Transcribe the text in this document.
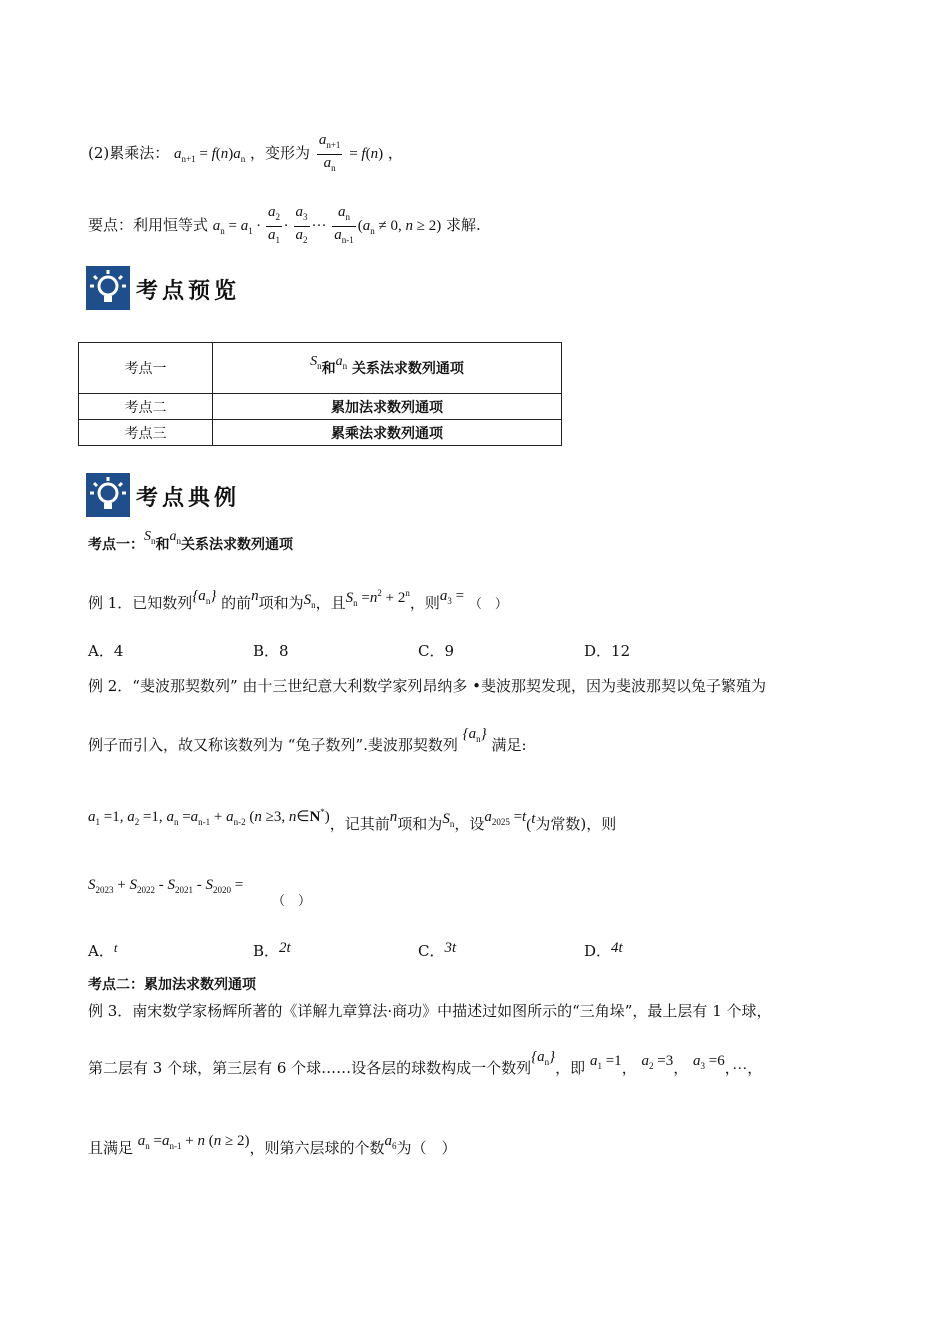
(2)累乘法： $a_{n+1} = f(n)a_n$ ，变形为 $\frac{a_{n+1}}{a_n} = f(n)$ ，
要点：利用恒等式 $a_n = a_1 \cdot \frac{a_2}{a_1} \cdot \frac{a_3}{a_2}$ ··· $\frac{a_n}{a_{n-1}} (a_n \ne 0$, n ≥ 2) 求解.
考点预览
考点一	$S_n$和$a_n$ 关系法求数列通项
考点二	累加法求数列通项
考点三	累乘法求数列通项
考点典例
考点一：$S_n$和$a_n$关系法求数列通项
例 1．已知数列$\{a_n\}$ 的前n项和为$S_n$，且$S_n =n^2 + 2^n$，则$a_3$ = （　）
A．4	B．8	C．9	D．12
例 2．“斐波那契数列” 由十三世纪意大利数学家列昂纳多 •斐波那契发现，因为斐波那契以兔子繁殖为
例子而引入，故又称该数列为 “兔子数列”.斐波那契数列 $\{a_n\}$ 满足:
$a_1 =1$, $a_2 =1$, $a_n =a_{n-1} + a_{n-2}$ (n ≥3, n∈N*)，记其前n项和为$S_n$，设$a_{2025} =t(t$为常数)，则
$S_{2023} + S_{2022} - S_{2021} - S_{2020}$ =
（　）
A．t	B．2t	C．3t	D．4t
考点二：累加法求数列通项
例 3．南宋数学家杨辉所著的《详解九章算法·商功》中描述过如图所示的“三角垛”，最上层有 1 个球，
第二层有 3 个球，第三层有 6 个球……设各层的球数构成一个数列$\{a_n\}$，即 $a_1 =1$， $a_2 =3$， $a_3 =6$，···，
且满足 $a_n =a_{n-1} + n$ (n ≥ 2)，则第六层球的个数$a_6$为（　）
